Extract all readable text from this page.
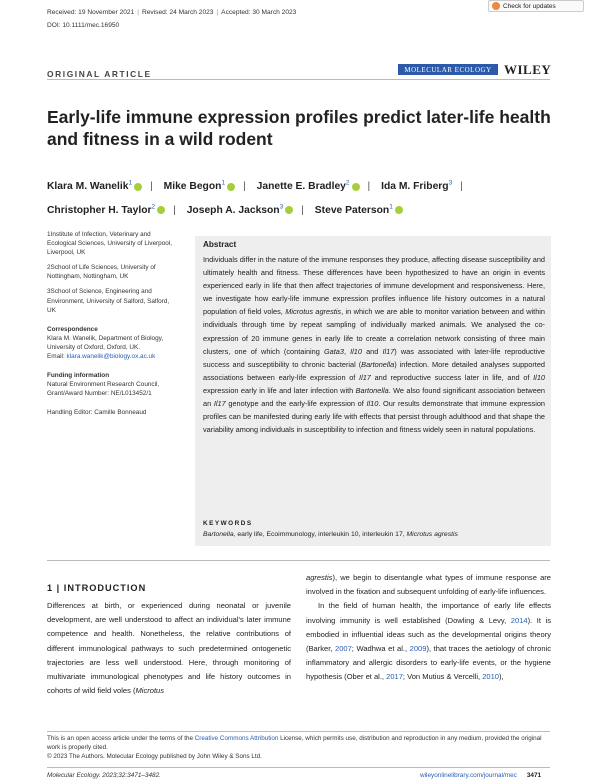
Received: 19 November 2021 | Revised: 24 March 2023 | Accepted: 30 March 2023
DOI: 10.1111/mec.16950
Check for updates
ORIGINAL ARTICLE	MOLECULAR ECOLOGY WILEY
Early-life immune expression profiles predict later-life health and fitness in a wild rodent
Klara M. Wanelik$^1$ | Mike Begon$^1$ | Janette E. Bradley$^2$ | Ida M. Friberg$^3$ |
Christopher H. Taylor$^2$ | Joseph A. Jackson$^3$ | Steve Paterson$^1$

1Institute of Infection, Veterinary and Ecological Sciences, University of Liverpool, Liverpool, UK

2School of Life Sciences, University of Nottingham, Nottingham, UK

3School of Science, Engineering and Environment, University of Salford, Salford, UK

Correspondence
Klara M. Wanelik, Department of Biology, University of Oxford, Oxford, UK.
Email: klara.wanelik@biology.ox.ac.uk

Funding information
Natural Environment Research Council, Grant/Award Number: NE/L013452/1

Handling Editor: Camille Bonneaud

Abstract
Individuals differ in the nature of the immune responses they produce, affecting disease susceptibility and ultimately health and fitness. These differences have been hypothesized to have an origin in events experienced early in life that then affect trajectories of immune development and responsiveness. Here, we investigate how early-life immune expression profiles influence life history outcomes in a natural population of field voles, Microtus agrestis, in which we are able to monitor variation between and within individuals through time by repeat sampling of individually marked animals. We analysed the co-expression of 20 immune genes in early life to create a correlation network consisting of three main clusters, one of which (containing Gata3, Il10 and Il17) was associated with later-life reproductive success and susceptibility to chronic bacterial (Bartonella) infection. More detailed analyses supported associations between early-life expression of Il17 and reproductive success later in life, and of Il10 expression early in life and later infection with Bartonella. We also found significant association between an Il17 genotype and the early-life expression of Il10. Our results demonstrate that immune expression profiles can be manifested during early life with effects that persist through adulthood and that shape the variability among individuals in susceptibility to infection and fitness widely seen in natural populations.
KEYWORDS
Bartonella, early life, Ecoimmunology, interleukin 10, interleukin 17, Microtus agrestis
1 | INTRODUCTION
Differences at birth, or experienced during neonatal or juvenile development, are well understood to affect an individual's later immune competence and health. Nonetheless, the relative contributions of different immunological pathways to such predetermined ontogenetic trajectories are less well understood. Here, through monitoring of multivariate immunological phenotypes and life history outcomes in cohorts of wild field voles (Microtus

agrestis), we begin to disentangle what types of immune response are involved in the fixation and subsequent unfolding of early-life influences.

In the field of human health, the importance of early life effects involving immunity is well established (Dowling & Levy, 2014). It is embodied in influential ideas such as the developmental origins theory (Barker, 2007; Wadhwa et al., 2009), that traces the aetiology of chronic inflammatory and allergic disorders to early-life events, or the hygiene hypothesis (Ober et al., 2017; Von Mutius & Vercelli, 2010),

This is an open access article under the terms of the Creative Commons Attribution License, which permits use, distribution and reproduction in any medium, provided the original work is properly cited.
© 2023 The Authors. Molecular Ecology published by John Wiley & Sons Ltd.
Molecular Ecology. 2023;32:3471–3482.	wileyonlinelibrary.com/journal/mec 3471
